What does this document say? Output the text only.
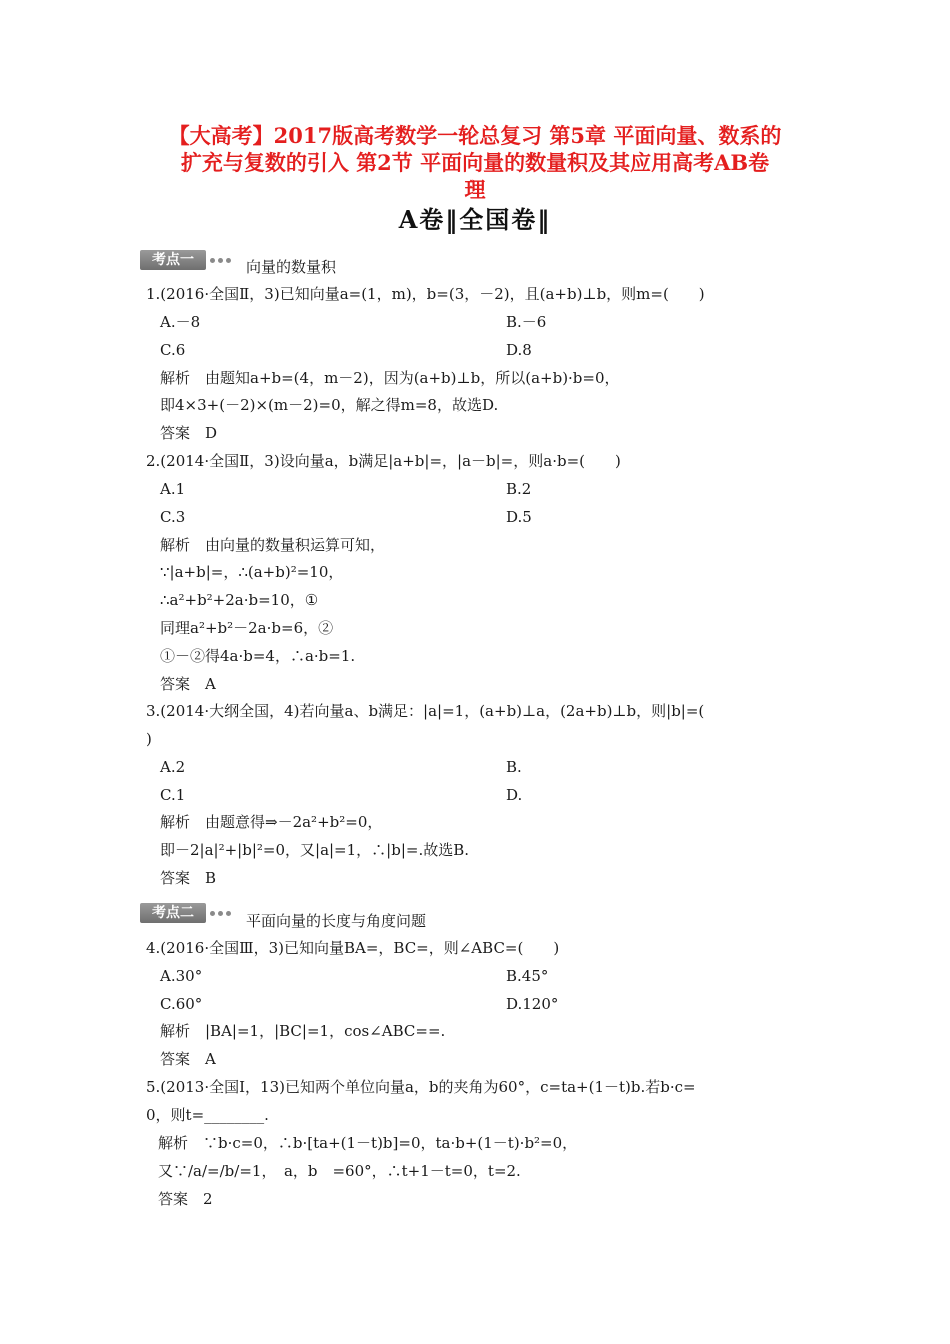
【大高考】2017版高考数学一轮总复习 第5章 平面向量、数系的
扩充与复数的引入 第2节 平面向量的数量积及其应用高考AB卷
理
A卷‖全国卷‖
考点一	向量的数量积
1.(2016·全国Ⅱ，3)已知向量a=(1，m)，b=(3，－2)，且(a+b)⊥b，则m=(　　)
A.－8	B.－6
C.6	D.8
解析　由题知a+b=(4，m－2)，因为(a+b)⊥b，所以(a+b)·b=0，
即4×3+(－2)×(m－2)=0，解之得m=8，故选D.
答案　D
2.(2014·全国Ⅱ，3)设向量a，b满足|a+b|=，|a－b|=，则a·b=(　　)
A.1	B.2
C.3	D.5
解析　由向量的数量积运算可知，
∵|a+b|=，∴(a+b)²=10，
∴a²+b²+2a·b=10，①
同理a²+b²－2a·b=6，②
①－②得4a·b=4，∴a·b=1.
答案　A
3.(2014·大纲全国，4)若向量a、b满足：|a|=1，(a+b)⊥a，(2a+b)⊥b，则|b|=(
)
A.2	B.
C.1	D.
解析　由题意得⇒－2a²+b²=0，
即－2|a|²+|b|²=0，又|a|=1，∴|b|=.故选B.
答案　B
考点二	平面向量的长度与角度问题
4.(2016·全国Ⅲ，3)已知向量BA=，BC=，则∠ABC=(　　)
A.30°	B.45°
C.60°	D.120°
解析　|BA|=1，|BC|=1，cos∠ABC==.
答案　A
5.(2013·全国Ⅰ，13)已知两个单位向量a，b的夹角为60°，c=ta+(1－t)b.若b·c=
0，则t=________.
解析　∵b·c=0，∴b·[ta+(1－t)b]=0，ta·b+(1－t)·b²=0，
又∵/a/=/b/=1，　a，b　=60°，∴t+1－t=0，t=2.
答案　2
